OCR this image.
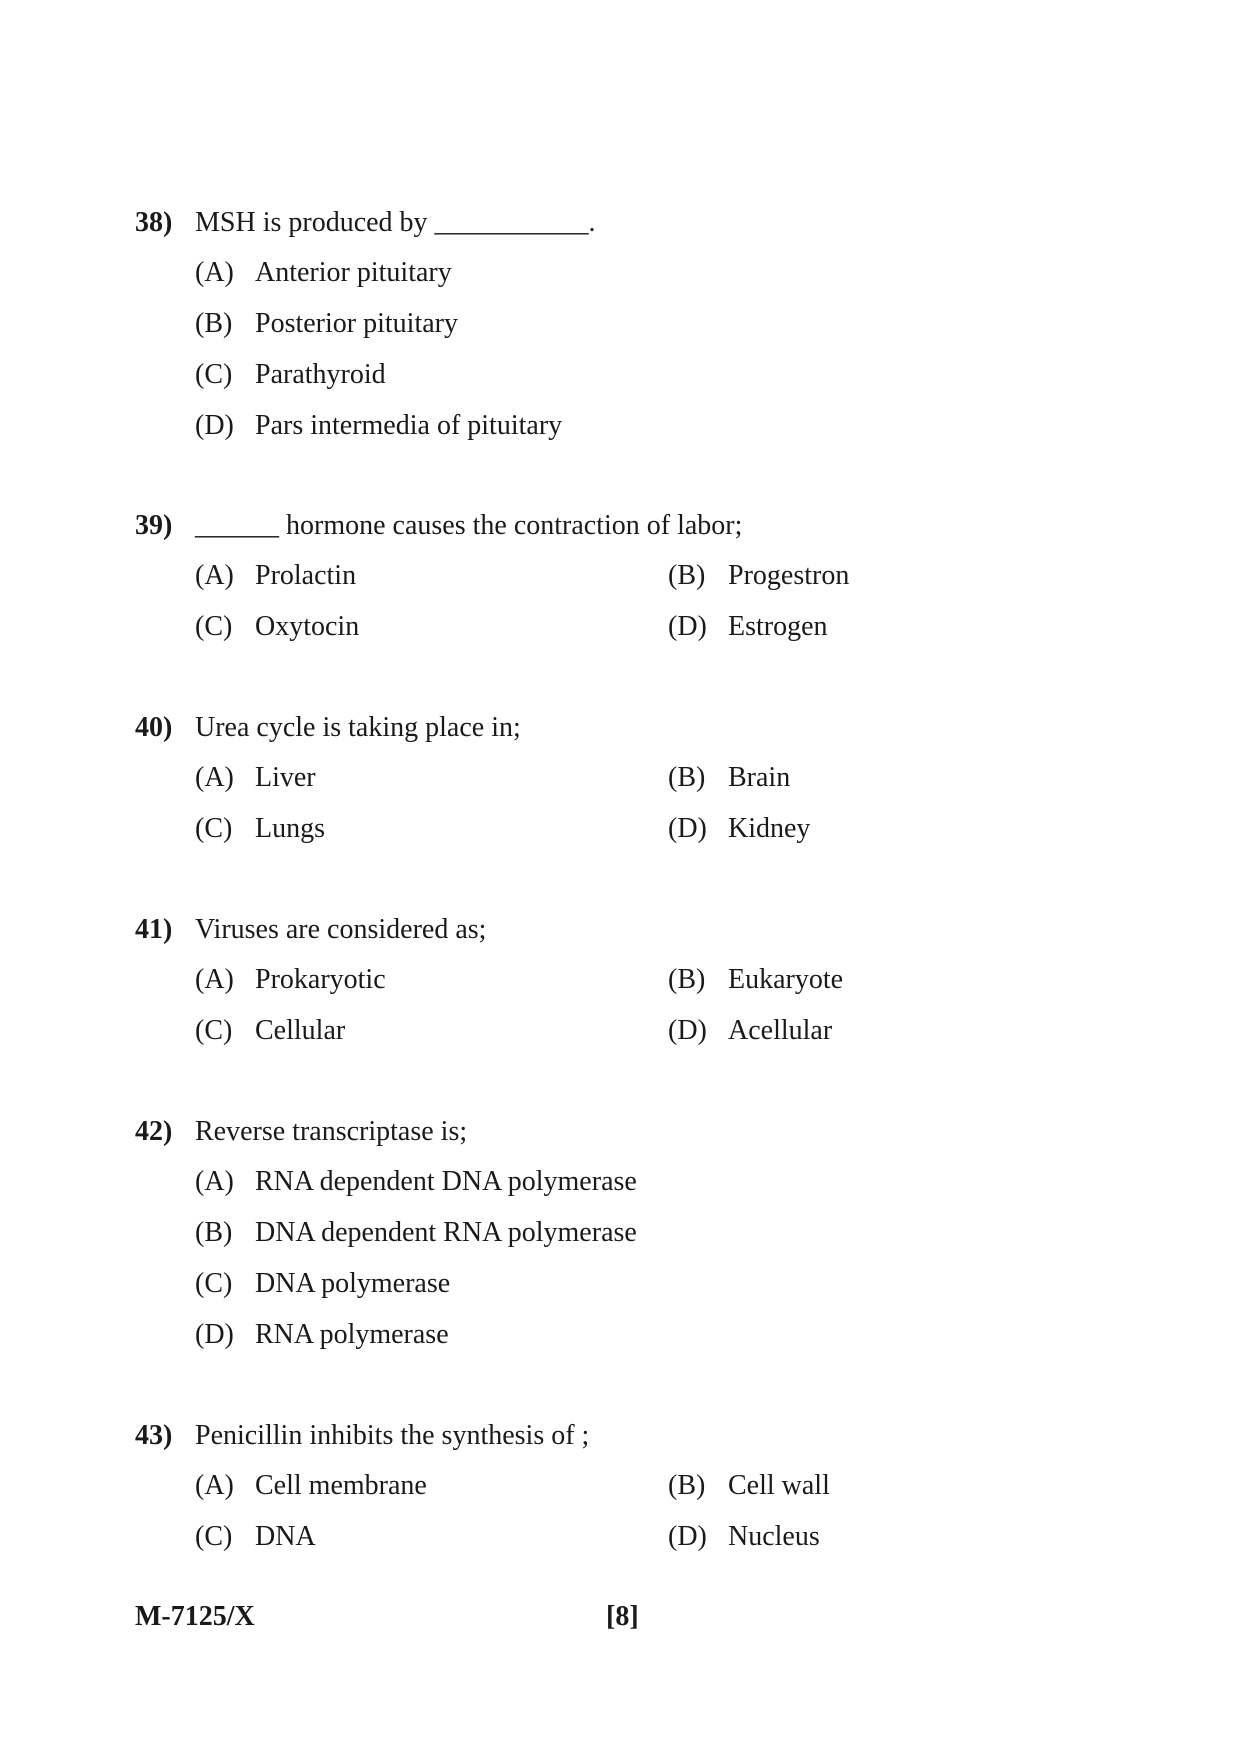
38) MSH is produced by ___________.
(A) Anterior pituitary
(B) Posterior pituitary
(C) Parathyroid
(D) Pars intermedia of pituitary
39) ______ hormone causes the contraction of labor;
(A) Prolactin	(B) Progestron
(C) Oxytocin	(D) Estrogen
40) Urea cycle is taking place in;
(A) Liver	(B) Brain
(C) Lungs	(D) Kidney
41) Viruses are considered as;
(A) Prokaryotic	(B) Eukaryote
(C) Cellular	(D) Acellular
42) Reverse transcriptase is;
(A) RNA dependent DNA polymerase
(B) DNA dependent RNA polymerase
(C) DNA polymerase
(D) RNA polymerase
43) Penicillin inhibits the synthesis of ;
(A) Cell membrane	(B) Cell wall
(C) DNA	(D) Nucleus
M-7125/X	[8]
